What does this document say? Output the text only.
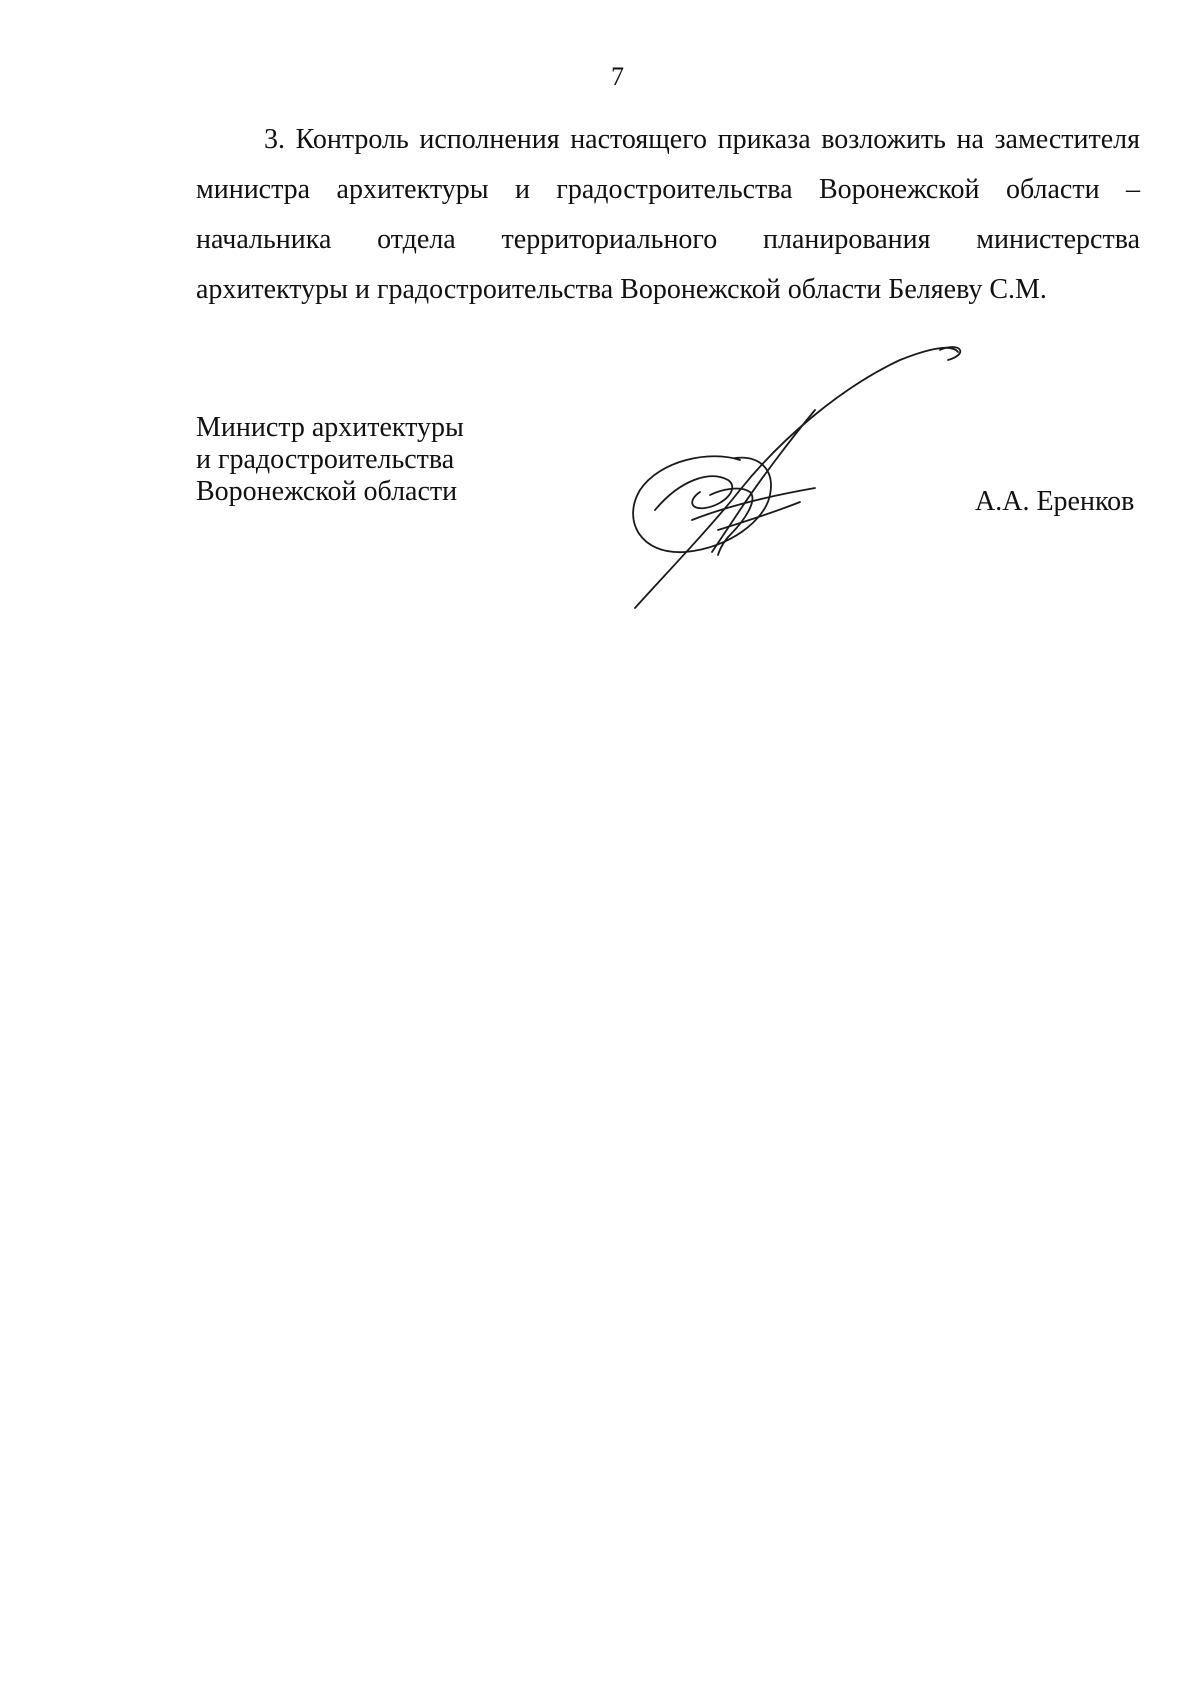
7

3. Контроль исполнения настоящего приказа возложить на заместителя министра архитектуры и градостроительства Воронежской области – начальника отдела территориального планирования министерства архитектуры и градостроительства Воронежской области Беляеву С.М.

Министр архитектуры
и градостроительства
Воронежской области	А.А. Еренков
